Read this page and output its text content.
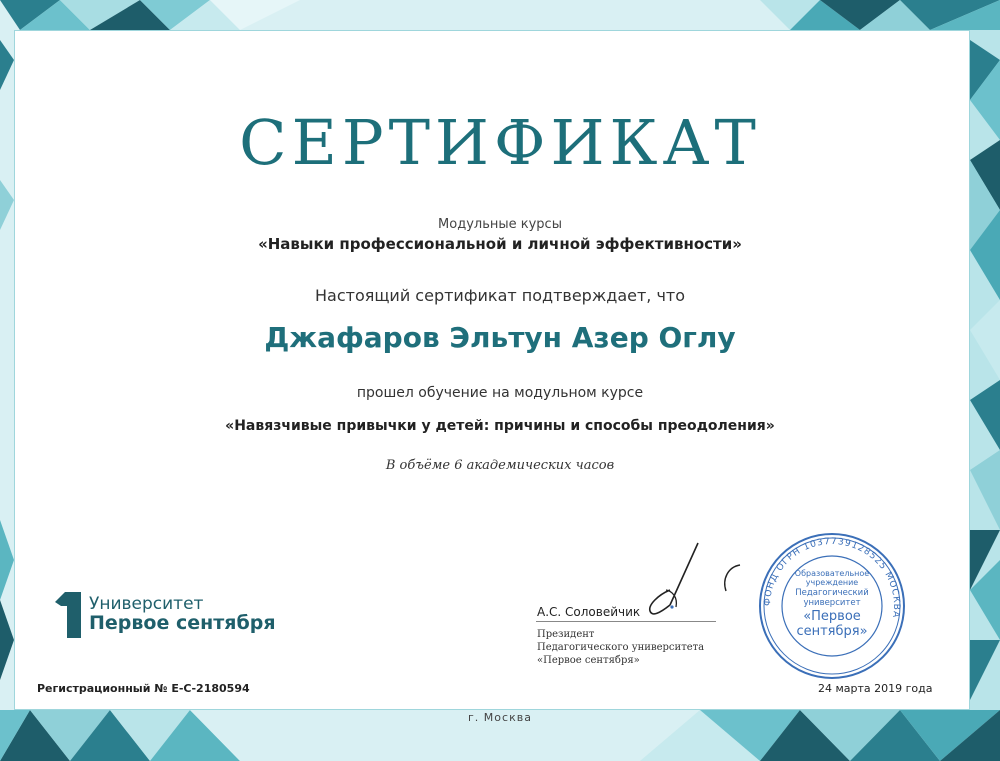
СЕРТИФИКАТ
Модульные курсы
«Навыки профессиональной и личной эффективности»
Настоящий сертификат подтверждает, что
Джафаров Эльтун Азер Оглу
прошел обучение на модульном курсе
«Навязчивые привычки у детей: причины и способы преодоления»
В объёме 6 академических часов
Университет
Первое сентября	А.С. Соловейчик
Президент
Педагогического университета
«Первое сентября»
ФОНД ОГРН 1037739128525 МОСКВА
Образовательное
учреждение
Педагогический
университет
«Первое
сентября»
Регистрационный № Е-С-2180594	24 марта 2019 года
г. Москва
